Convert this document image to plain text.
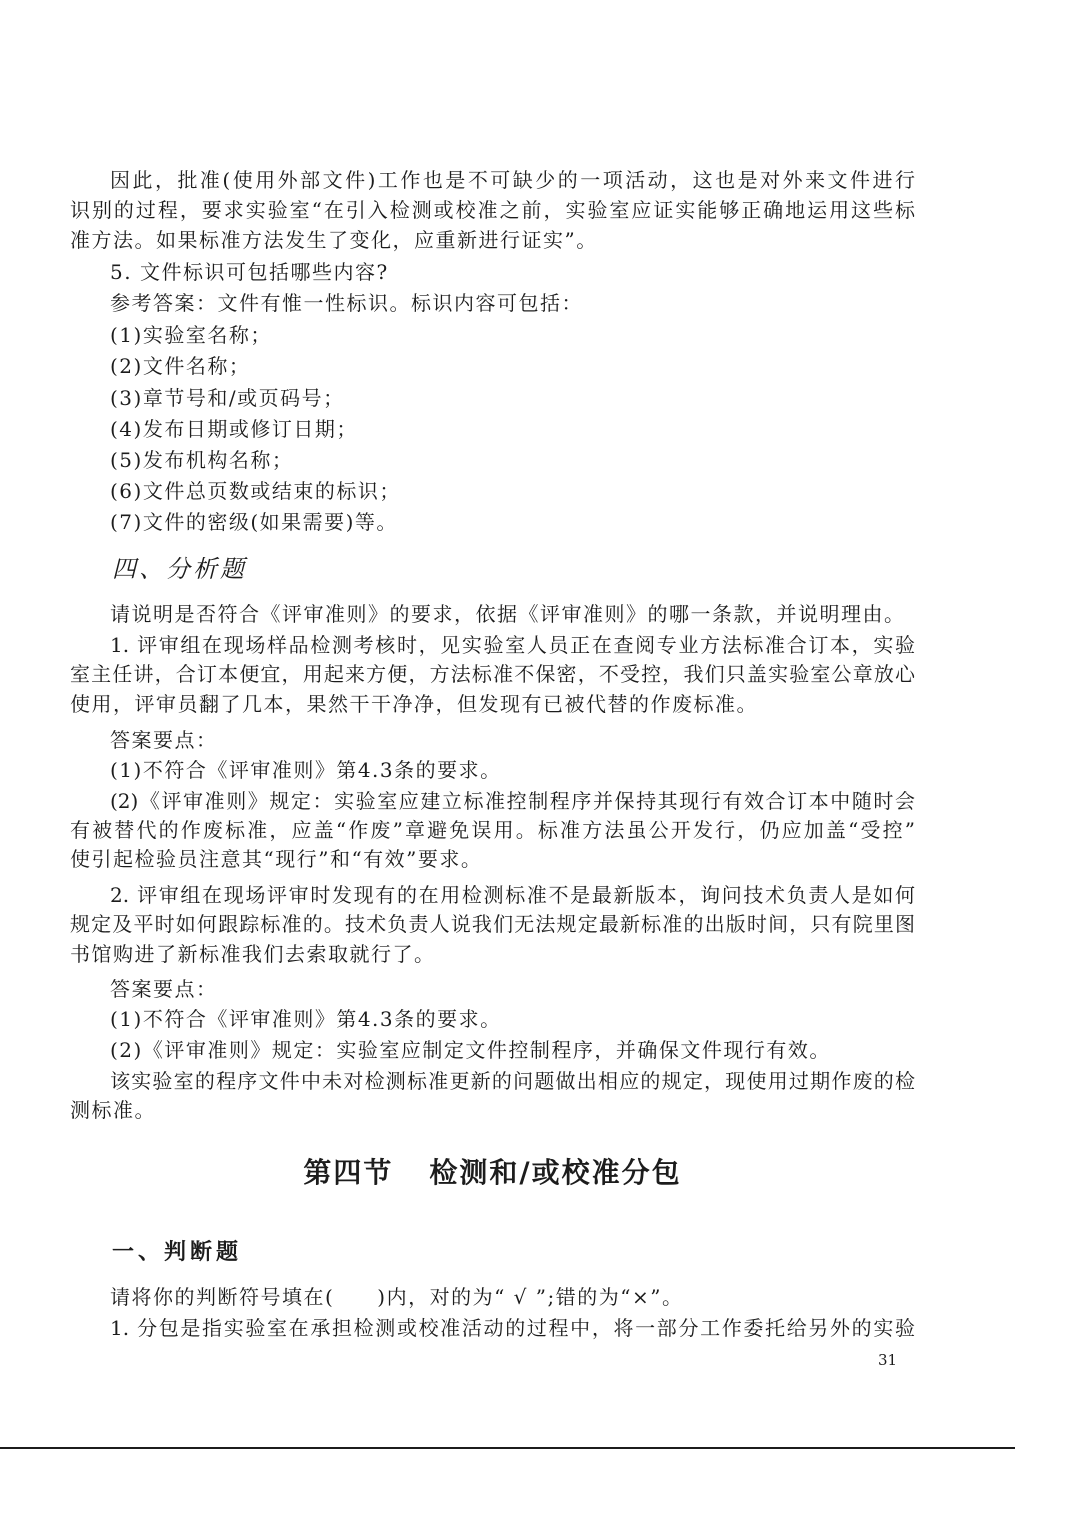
因此，批准(使用外部文件)工作也是不可缺少的一项活动，这也是对外来文件进行
识别的过程，要求实验室“在引入检测或校准之前，实验室应证实能够正确地运用这些标
准方法。如果标准方法发生了变化，应重新进行证实”。
5. 文件标识可包括哪些内容?
参考答案：文件有惟一性标识。标识内容可包括：
(1)实验室名称；
(2)文件名称；
(3)章节号和/或页码号；
(4)发布日期或修订日期；
(5)发布机构名称；
(6)文件总页数或结束的标识；
(7)文件的密级(如果需要)等。
四、分析题
请说明是否符合《评审准则》的要求，依据《评审准则》的哪一条款，并说明理由。
1. 评审组在现场样品检测考核时，见实验室人员正在查阅专业方法标准合订本，实验
室主任讲，合订本便宜，用起来方便，方法标准不保密，不受控，我们只盖实验室公章放心
使用，评审员翻了几本，果然干干净净，但发现有已被代替的作废标准。
答案要点：
(1)不符合《评审准则》第4.3条的要求。
(2)《评审准则》规定：实验室应建立标准控制程序并保持其现行有效合订本中随时会
有被替代的作废标准，应盖“作废”章避免误用。标准方法虽公开发行，仍应加盖“受控”
使引起检验员注意其“现行”和“有效”要求。
2. 评审组在现场评审时发现有的在用检测标准不是最新版本，询问技术负责人是如何
规定及平时如何跟踪标准的。技术负责人说我们无法规定最新标准的出版时间，只有院里图
书馆购进了新标准我们去索取就行了。
答案要点：
(1)不符合《评审准则》第4.3条的要求。
(2)《评审准则》规定：实验室应制定文件控制程序，并确保文件现行有效。
该实验室的程序文件中未对检测标准更新的问题做出相应的规定，现使用过期作废的检
测标准。
第四节 检测和/或校准分包
一、判断题
请将你的判断符号填在(　　)内，对的为“ √ ”;错的为“×”。
1. 分包是指实验室在承担检测或校准活动的过程中，将一部分工作委托给另外的实验
31
